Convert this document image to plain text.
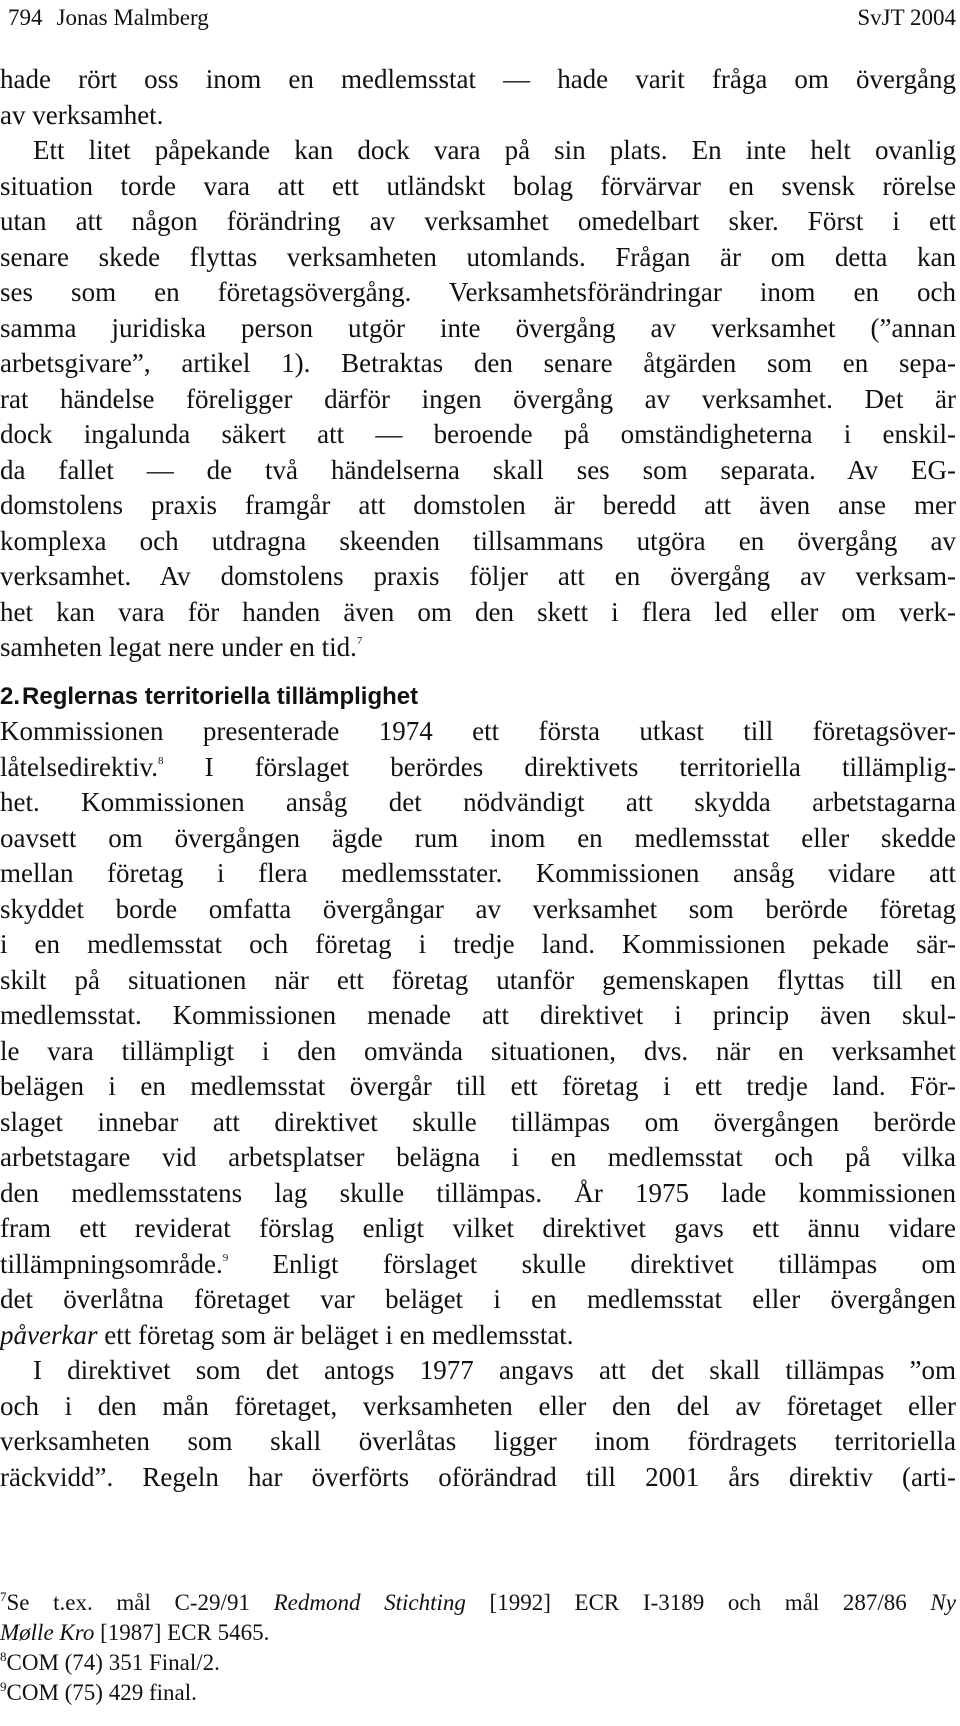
794 Jonas Malmberg	SvJT 2004
hade rört oss inom en medlemsstat — hade varit fråga om övergång
av verksamhet.
Ett litet påpekande kan dock vara på sin plats. En inte helt ovanlig
situation torde vara att ett utländskt bolag förvärvar en svensk rörelse
utan att någon förändring av verksamhet omedelbart sker. Först i ett
senare skede flyttas verksamheten utomlands. Frågan är om detta kan
ses som en företagsövergång. Verksamhetsförändringar inom en och
samma juridiska person utgör inte övergång av verksamhet (”annan
arbetsgivare”, artikel 1). Betraktas den senare åtgärden som en sepa-
rat händelse föreligger därför ingen övergång av verksamhet. Det är
dock ingalunda säkert att — beroende på omständigheterna i enskil-
da fallet — de två händelserna skall ses som separata. Av EG-
domstolens praxis framgår att domstolen är beredd att även anse mer
komplexa och utdragna skeenden tillsammans utgöra en övergång av
verksamhet. Av domstolens praxis följer att en övergång av verksam-
het kan vara för handen även om den skett i flera led eller om verk-
samheten legat nere under en tid.$^7$
2.Reglernas territoriella tillämplighet
Kommissionen presenterade 1974 ett första utkast till företagsöver-
låtelsedirektiv.$^8$ I förslaget berördes direktivets territoriella tillämplig-
het. Kommissionen ansåg det nödvändigt att skydda arbetstagarna
oavsett om övergången ägde rum inom en medlemsstat eller skedde
mellan företag i flera medlemsstater. Kommissionen ansåg vidare att
skyddet borde omfatta övergångar av verksamhet som berörde företag
i en medlemsstat och företag i tredje land. Kommissionen pekade sär-
skilt på situationen när ett företag utanför gemenskapen flyttas till en
medlemsstat. Kommissionen menade att direktivet i princip även skul-
le vara tillämpligt i den omvända situationen, dvs. när en verksamhet
belägen i en medlemsstat övergår till ett företag i ett tredje land. För-
slaget innebar att direktivet skulle tillämpas om övergången berörde
arbetstagare vid arbetsplatser belägna i en medlemsstat och på vilka
den medlemsstatens lag skulle tillämpas. År 1975 lade kommissionen
fram ett reviderat förslag enligt vilket direktivet gavs ett ännu vidare
tillämpningsområde.$^9$ Enligt förslaget skulle direktivet tillämpas om
det överlåtna företaget var beläget i en medlemsstat eller övergången
påverkar ett företag som är beläget i en medlemsstat.
I direktivet som det antogs 1977 angavs att det skall tillämpas ”om
och i den mån företaget, verksamheten eller den del av företaget eller
verksamheten som skall överlåtas ligger inom fördragets territoriella
räckvidd”. Regeln har överförts oförändrad till 2001 års direktiv (arti-
$^7$Se t.ex. mål C-29/91 Redmond Stichting [1992] ECR I-3189 och mål 287/86 Ny
Mølle Kro [1987] ECR 5465.
$^8$COM (74) 351 Final/2.
$^9$COM (75) 429 final.
